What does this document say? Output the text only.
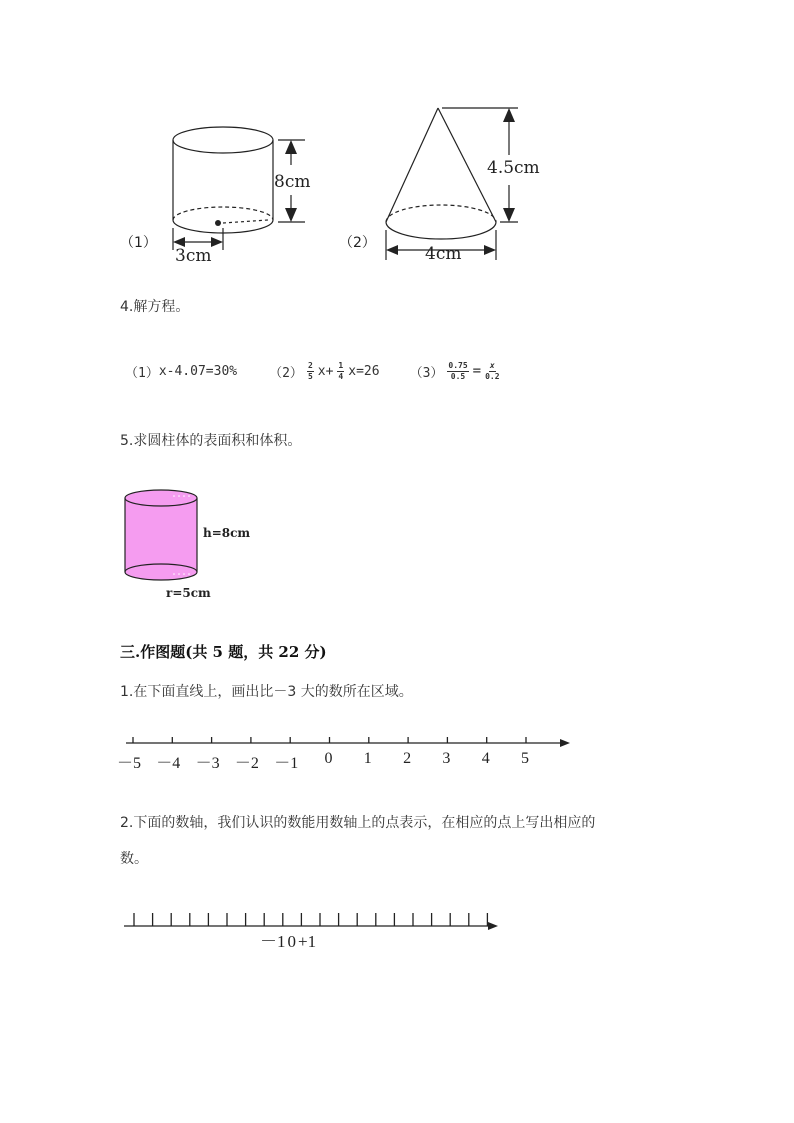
（1）
8cm
3cm
（2）
4.5cm
4cm
4.解方程。
（1） x-4.07=30% $(2) \frac{2}{5} x+ \frac{1}{4} x=26$ $(3) \frac{0.75}{0.5} = \frac{x}{0.2}$
5.求圆柱体的表面积和体积。
h=8cm
r=5cm
三.作图题(共 5 题，共 22 分)
1.在下面直线上，画出比－3 大的数所在区域。
－5 －4 －3 －2 －1 0 1 2 3 4 5
2.下面的数轴，我们认识的数能用数轴上的点表示，在相应的点上写出相应的
数。
－1 0 +1
